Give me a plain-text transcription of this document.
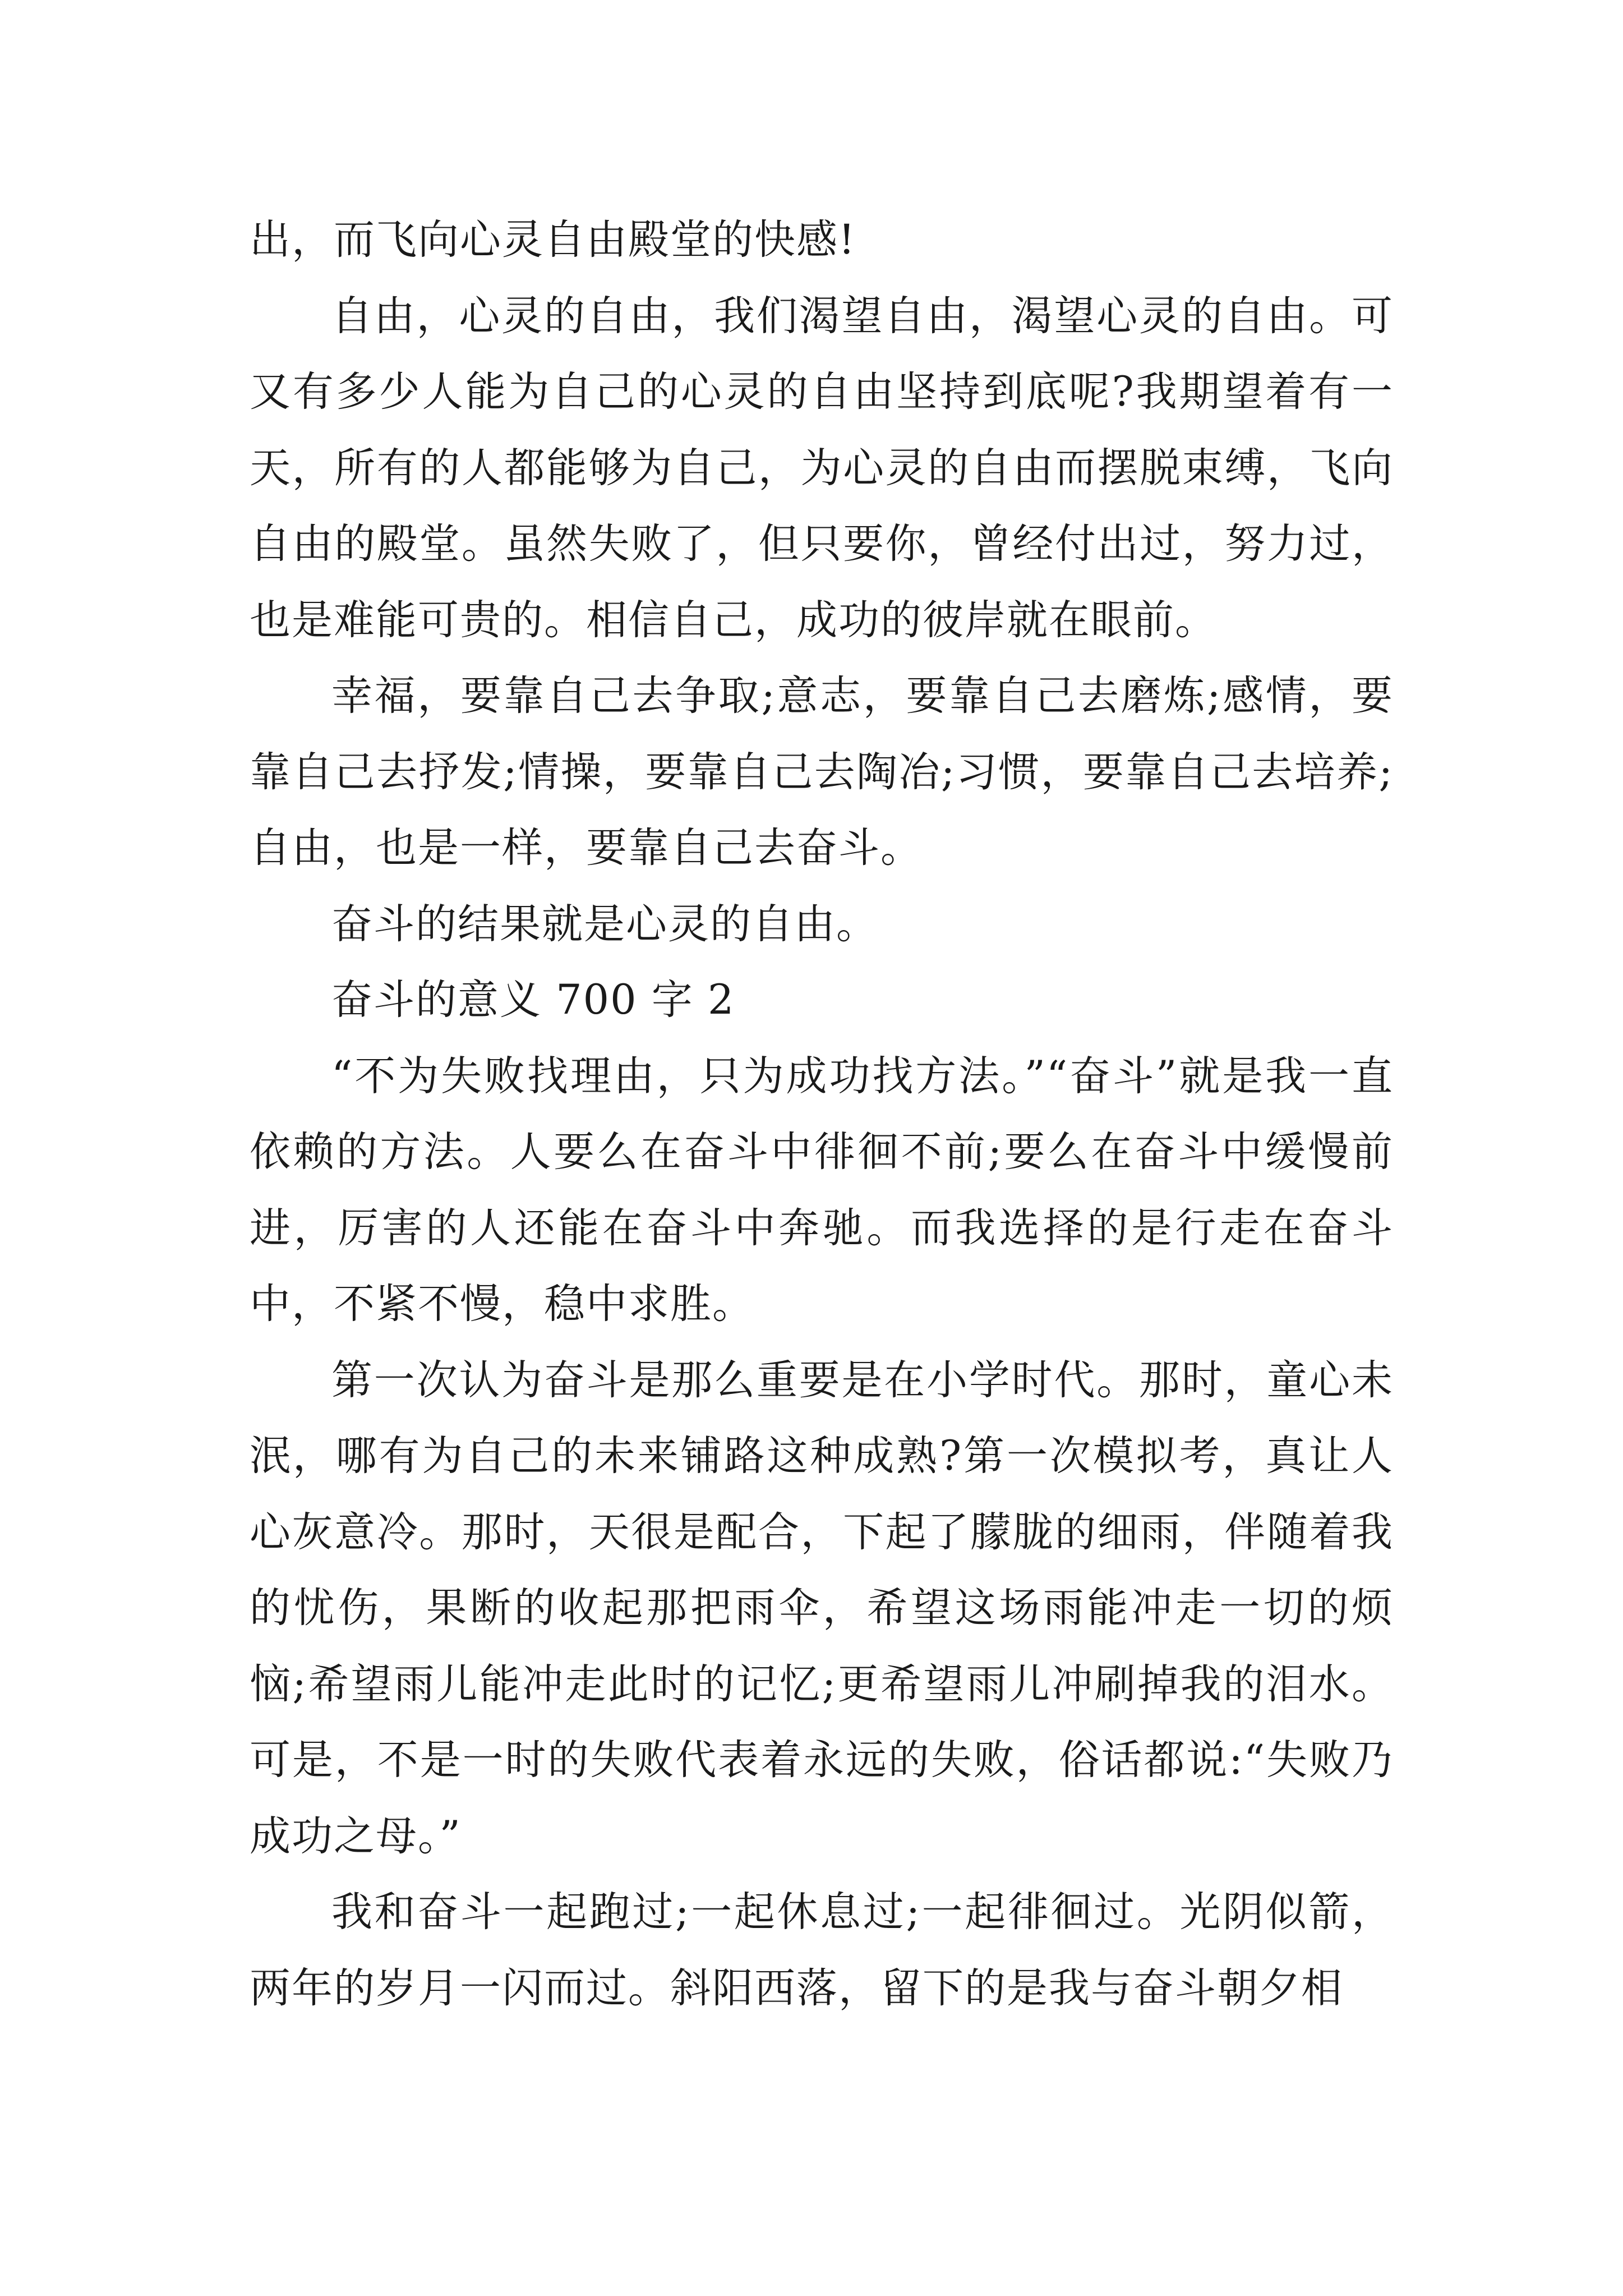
出，而飞向心灵自由殿堂的快感!

自由，心灵的自由，我们渴望自由，渴望心灵的自由。可又有多少人能为自己的心灵的自由坚持到底呢?我期望着有一天，所有的人都能够为自己，为心灵的自由而摆脱束缚，飞向自由的殿堂。虽然失败了，但只要你，曾经付出过，努力过，也是难能可贵的。相信自己，成功的彼岸就在眼前。

幸福，要靠自己去争取;意志，要靠自己去磨炼;感情，要靠自己去抒发;情操，要靠自己去陶冶;习惯，要靠自己去培养;自由，也是一样，要靠自己去奋斗。

奋斗的结果就是心灵的自由。

奋斗的意义 700 字 2

“不为失败找理由，只为成功找方法。”“奋斗”就是我一直依赖的方法。人要么在奋斗中徘徊不前;要么在奋斗中缓慢前进，厉害的人还能在奋斗中奔驰。而我选择的是行走在奋斗中，不紧不慢，稳中求胜。

第一次认为奋斗是那么重要是在小学时代。那时，童心未泯，哪有为自己的未来铺路这种成熟?第一次模拟考，真让人心灰意冷。那时，天很是配合，下起了朦胧的细雨，伴随着我的忧伤，果断的收起那把雨伞，希望这场雨能冲走一切的烦恼;希望雨儿能冲走此时的记忆;更希望雨儿冲刷掉我的泪水。可是，不是一时的失败代表着永远的失败，俗话都说:“失败乃成功之母。”

我和奋斗一起跑过;一起休息过;一起徘徊过。光阴似箭，两年的岁月一闪而过。斜阳西落，留下的是我与奋斗朝夕相
